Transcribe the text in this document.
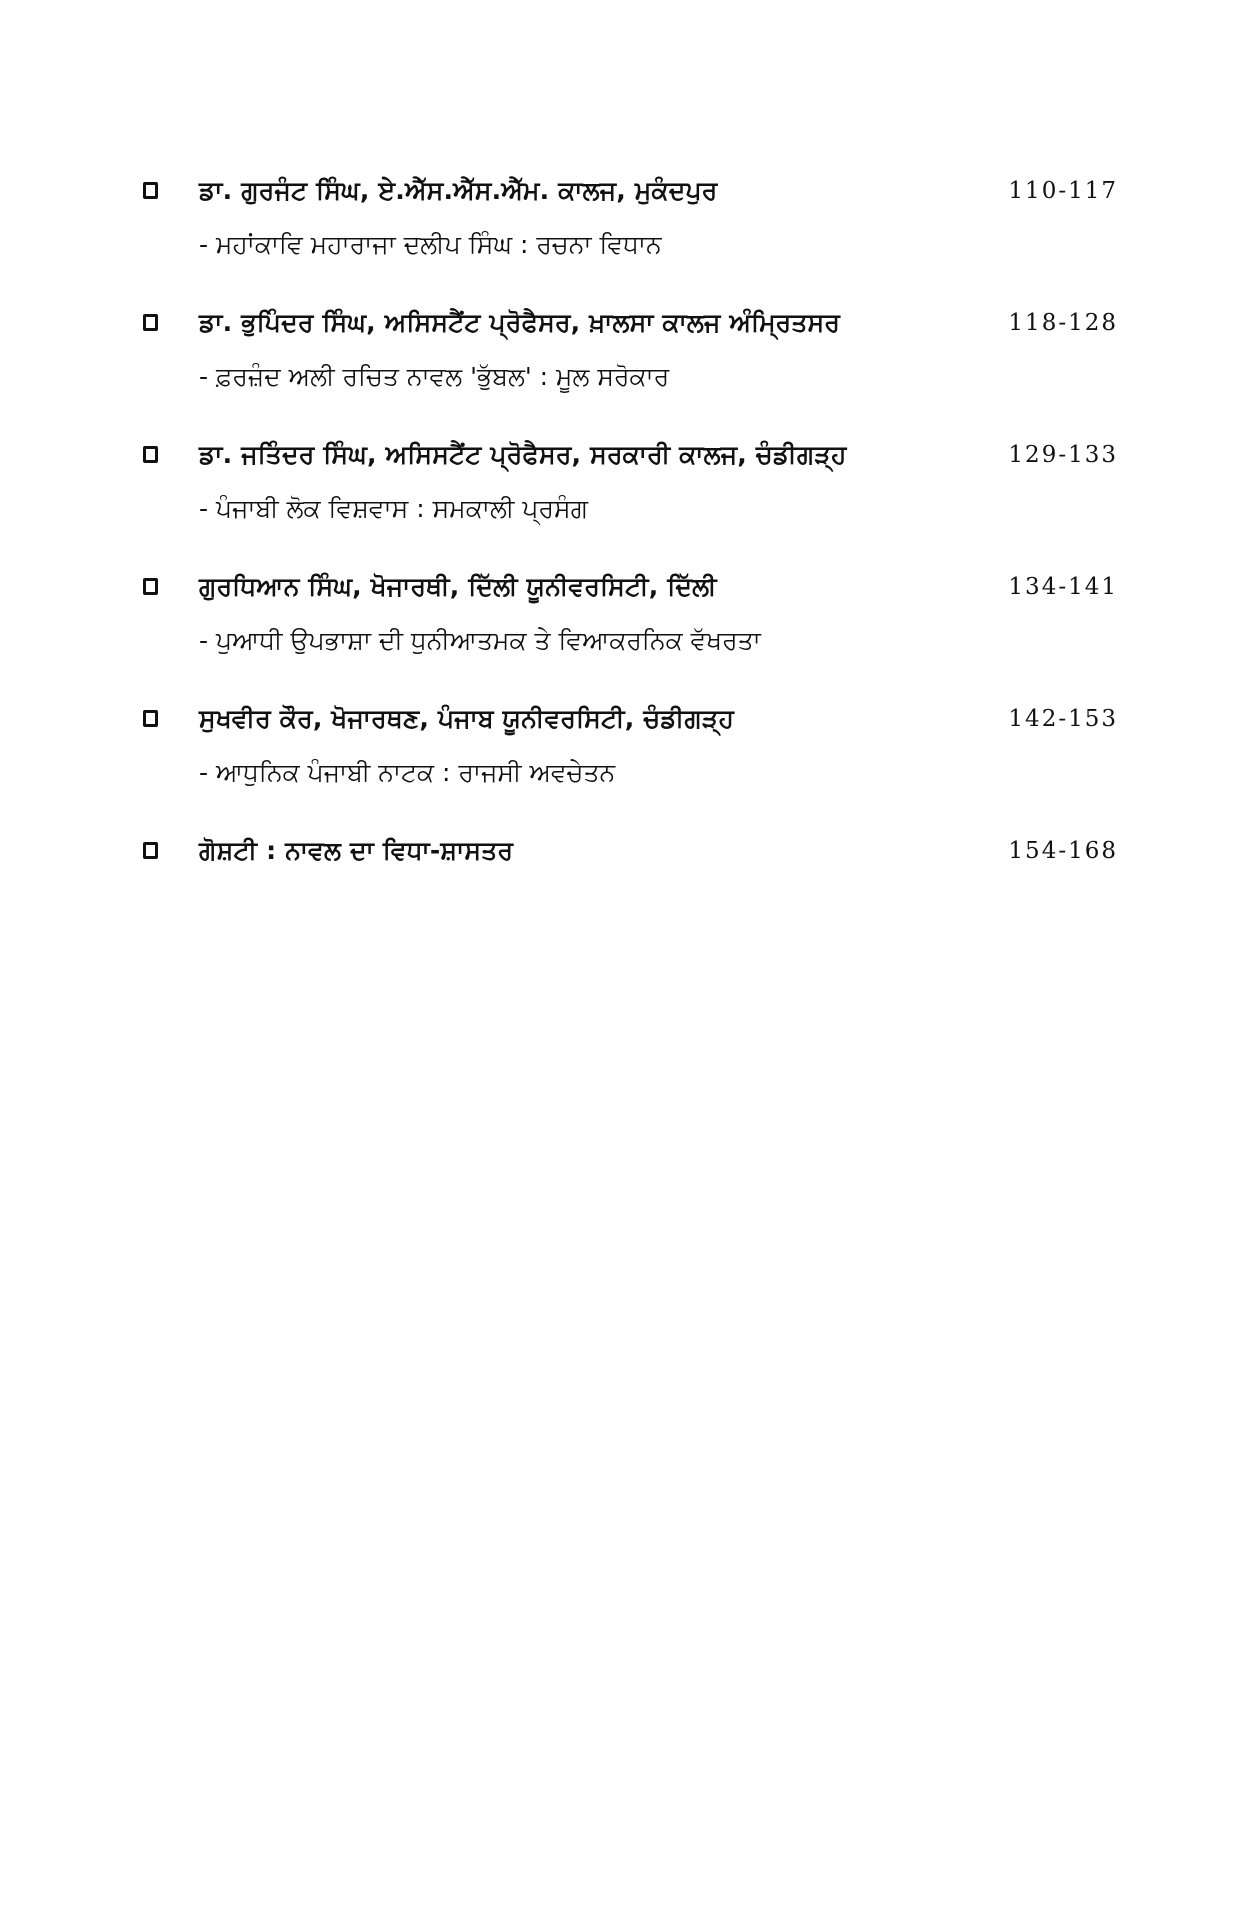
ਡਾ. ਗੁਰਜੰਟ ਸਿੰਘ, ਏ.ਐੱਸ.ਐੱਸ.ਐੱਮ. ਕਾਲਜ, ਮੁਕੰਦਪੁਰ	110-117
- ਮਹਾਂਕਾਵਿ ਮਹਾਰਾਜਾ ਦਲੀਪ ਸਿੰਘ : ਰਚਨਾ ਵਿਧਾਨ
ਡਾ. ਭੁਪਿੰਦਰ ਸਿੰਘ, ਅਸਿਸਟੈਂਟ ਪ੍ਰੋਫੈਸਰ, ਖ਼ਾਲਸਾ ਕਾਲਜ ਅੰਮ੍ਰਿਤਸਰ	118-128
- ਫ਼ਰਜ਼ੰਦ ਅਲੀ ਰਚਿਤ ਨਾਵਲ 'ਭੁੱਬਲ' : ਮੂਲ ਸਰੋਕਾਰ
ਡਾ. ਜਤਿੰਦਰ ਸਿੰਘ, ਅਸਿਸਟੈਂਟ ਪ੍ਰੋਫੈਸਰ, ਸਰਕਾਰੀ ਕਾਲਜ, ਚੰਡੀਗੜ੍ਹ	129-133
- ਪੰਜਾਬੀ ਲੋਕ ਵਿਸ਼ਵਾਸ : ਸਮਕਾਲੀ ਪ੍ਰਸੰਗ
ਗੁਰਧਿਆਨ ਸਿੰਘ, ਖੋਜਾਰਥੀ, ਦਿੱਲੀ ਯੂਨੀਵਰਸਿਟੀ, ਦਿੱਲੀ	134-141
- ਪੁਆਧੀ ਉਪਭਾਸ਼ਾ ਦੀ ਧੁਨੀਆਤਮਕ ਤੇ ਵਿਆਕਰਨਿਕ ਵੱਖਰਤਾ
ਸੁਖਵੀਰ ਕੌਰ, ਖੋਜਾਰਥਣ, ਪੰਜਾਬ ਯੂਨੀਵਰਸਿਟੀ, ਚੰਡੀਗੜ੍ਹ	142-153
- ਆਧੁਨਿਕ ਪੰਜਾਬੀ ਨਾਟਕ : ਰਾਜਸੀ ਅਵਚੇਤਨ
ਗੋਸ਼ਟੀ : ਨਾਵਲ ਦਾ ਵਿਧਾ-ਸ਼ਾਸਤਰ	154-168
